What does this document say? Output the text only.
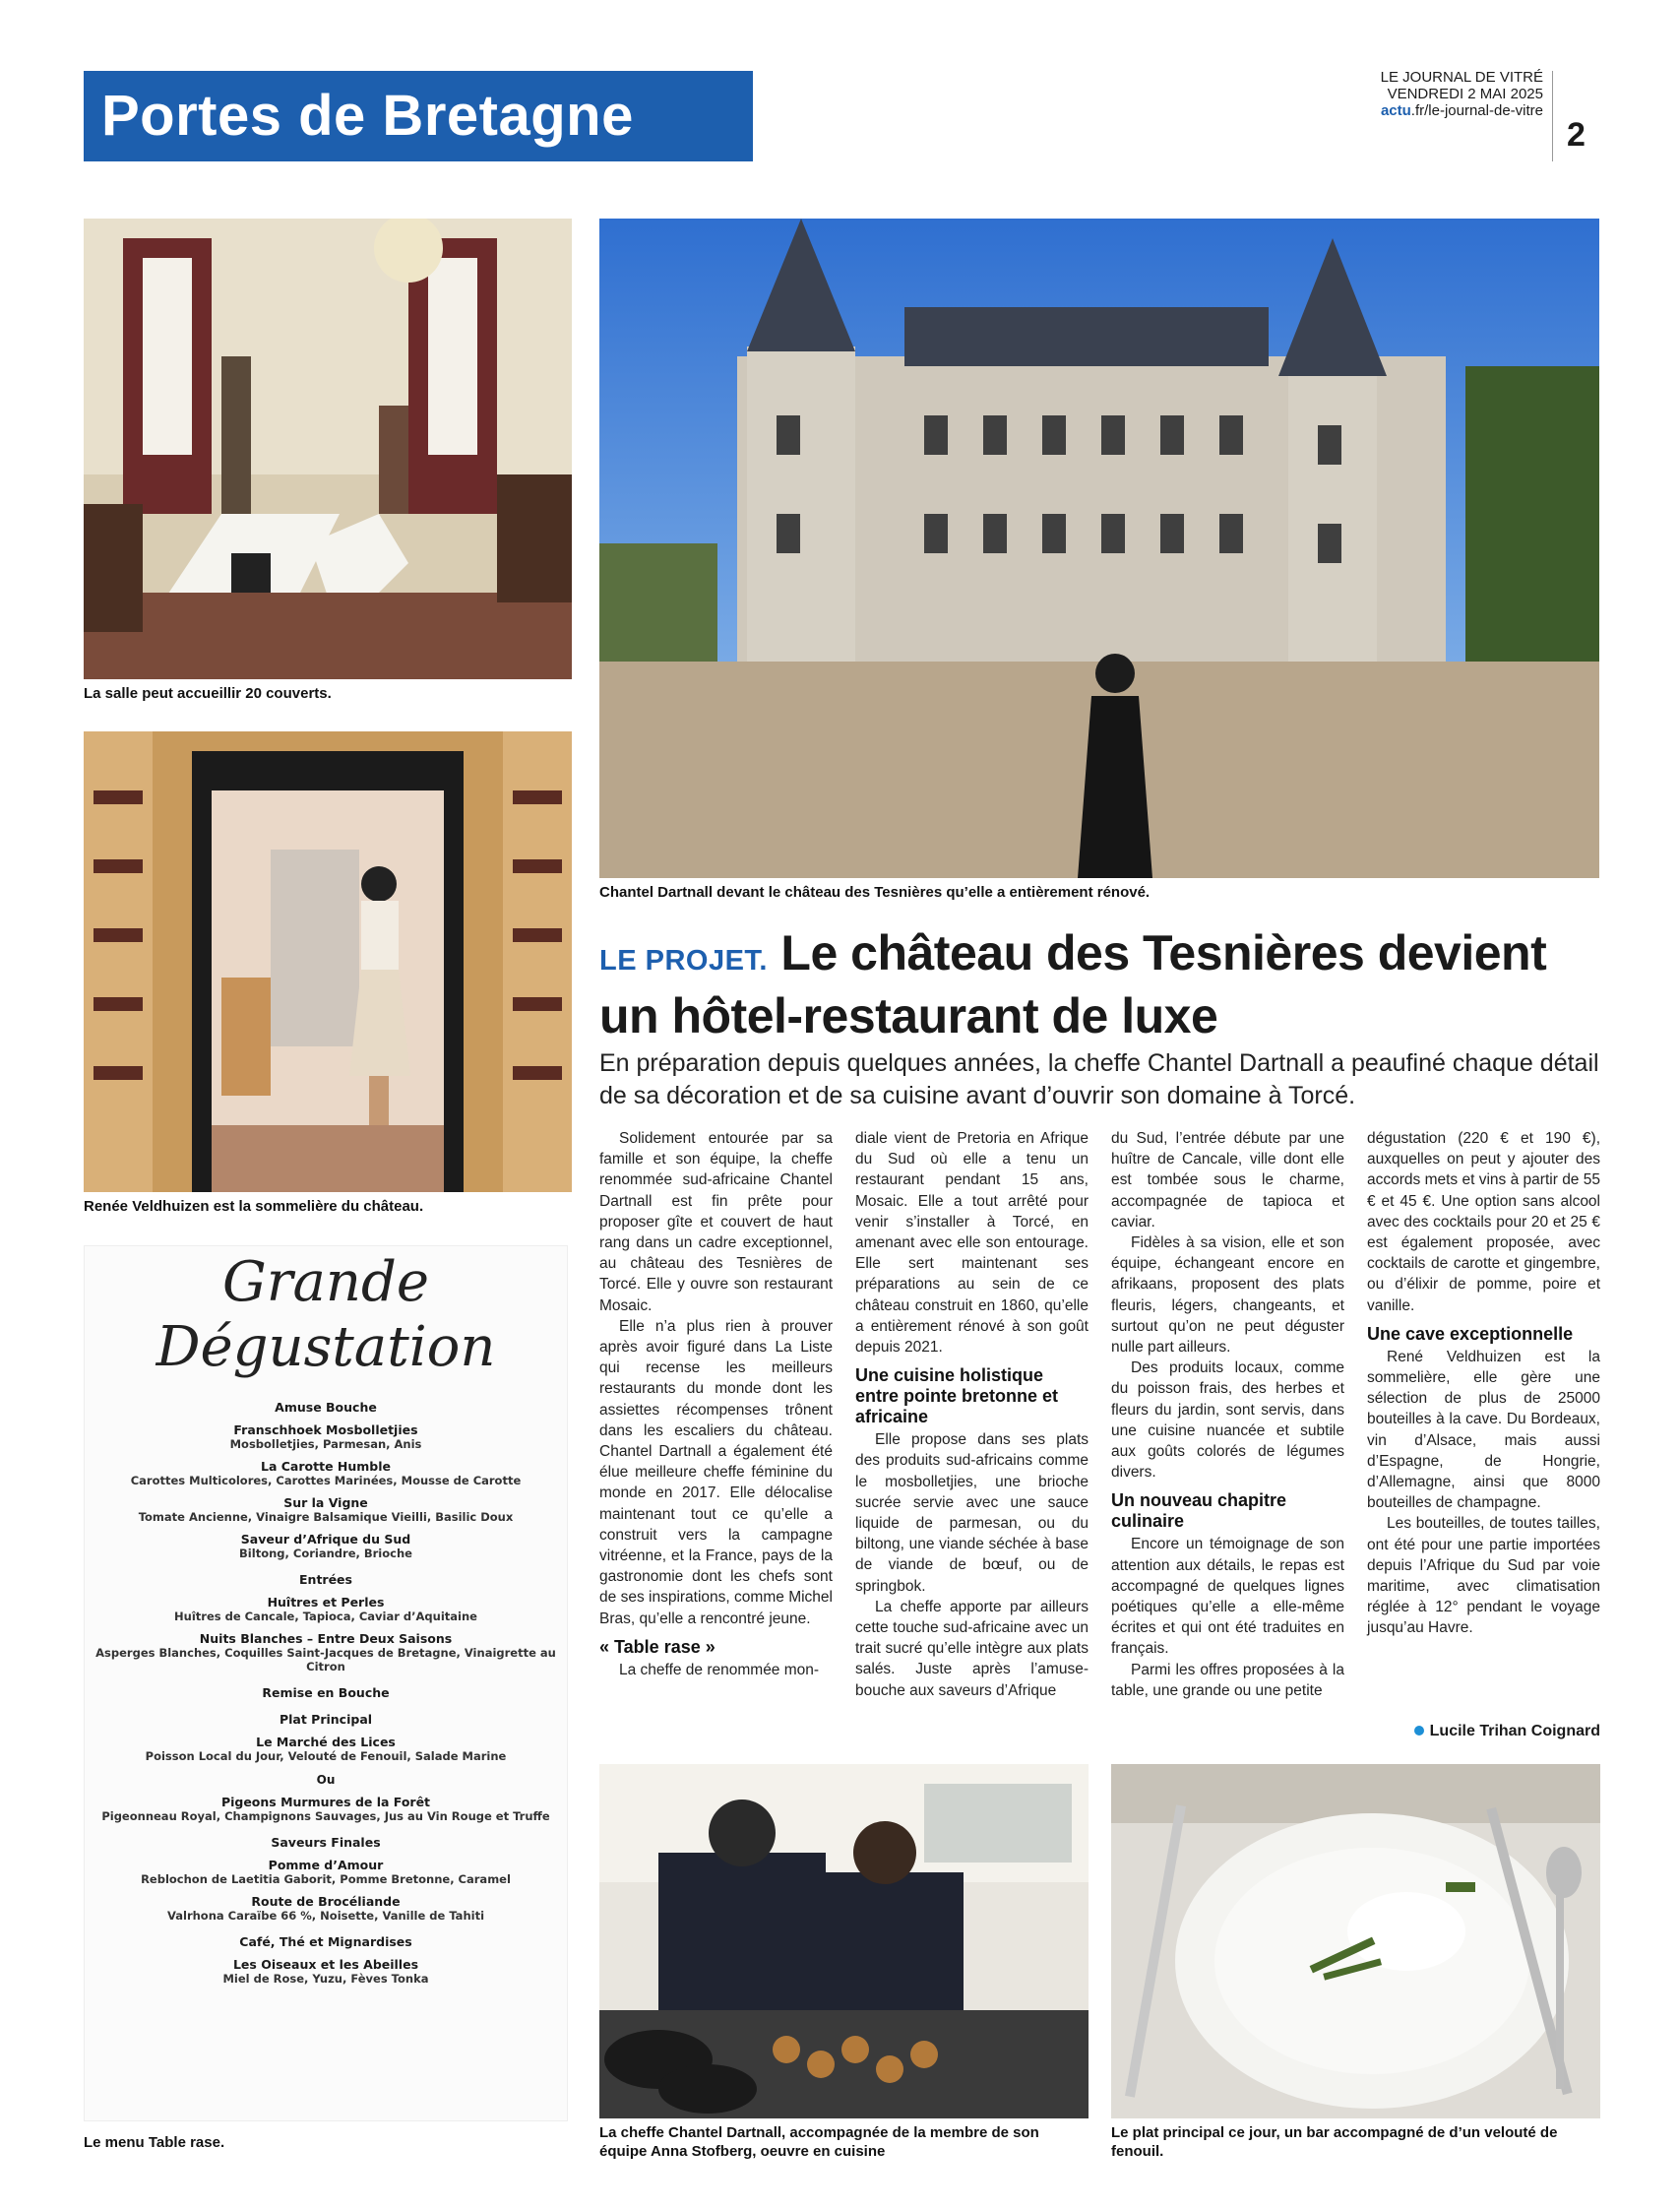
Portes de Bretagne
LE JOURNAL DE VITRÉ
VENDREDI 2 MAI 2025
actu.fr/le-journal-de-vitre
2
La salle peut accueillir 20 couverts.
Renée Veldhuizen est la sommelière du château.
Grande
Dégustation
Amuse Bouche
Franschhoek Mosbolletjies
Mosbolletjies, Parmesan, Anis
La Carotte Humble
Carottes Multicolores, Carottes Marinées, Mousse de Carotte
Sur la Vigne
Tomate Ancienne, Vinaigre Balsamique Vieilli, Basilic Doux
Saveur d’Afrique du Sud
Biltong, Coriandre, Brioche
Entrées
Huîtres et Perles
Huîtres de Cancale, Tapioca, Caviar d’Aquitaine
Nuits Blanches – Entre Deux Saisons
Asperges Blanches, Coquilles Saint-Jacques de Bretagne, Vinaigrette au Citron
Remise en Bouche
Plat Principal
Le Marché des Lices
Poisson Local du Jour, Velouté de Fenouil, Salade Marine
Ou
Pigeons Murmures de la Forêt
Pigeonneau Royal, Champignons Sauvages, Jus au Vin Rouge et Truffe
Saveurs Finales
Pomme d’Amour
Reblochon de Laetitia Gaborit, Pomme Bretonne, Caramel
Route de Brocéliande
Valrhona Caraïbe 66 %, Noisette, Vanille de Tahiti
Café, Thé et Mignardises
Les Oiseaux et les Abeilles
Miel de Rose, Yuzu, Fèves Tonka
Le menu Table rase.
Chantel Dartnall devant le château des Tesnières qu’elle a entièrement rénové.
LE PROJET. Le château des Tesnières devient un hôtel-restaurant de luxe
En préparation depuis quelques années, la cheffe Chantel Dartnall a peaufiné chaque détail de sa décoration et de sa cuisine avant d’ouvrir son domaine à Torcé.

Solidement entourée par sa famille et son équipe, la cheffe renommée sud-africaine Chantel Dartnall est fin prête pour proposer gîte et couvert de haut rang dans un cadre exceptionnel, au château des Tesnières de Torcé. Elle y ouvre son restaurant Mosaic.

Elle n’a plus rien à prouver après avoir figuré dans La Liste qui recense les meilleurs restaurants du monde dont les assiettes récompenses trônent dans les escaliers du château. Chantel Dartnall a également été élue meilleure cheffe féminine du monde en 2017. Elle délocalise maintenant tout ce qu’elle a construit vers la campagne vitréenne, et la France, pays de la gastronomie dont les chefs sont de ses inspirations, comme Michel Bras, qu’elle a rencontré jeune.

« Table rase »

La cheffe de renommée mon-

diale vient de Pretoria en Afrique du Sud où elle a tenu un restaurant pendant 15 ans, Mosaic. Elle a tout arrêté pour venir s’installer à Torcé, en amenant avec elle son entourage. Elle sert maintenant ses préparations au sein de ce château construit en 1860, qu’elle a entièrement rénové à son goût depuis 2021.

Une cuisine holistique entre pointe bretonne et africaine

Elle propose dans ses plats des produits sud-africains comme le mosbolletjies, une brioche sucrée servie avec une sauce liquide de parmesan, ou du biltong, une viande séchée à base de viande de bœuf, ou de springbok.

La cheffe apporte par ailleurs cette touche sud-africaine avec un trait sucré qu’elle intègre aux plats salés. Juste après l’amuse-bouche aux saveurs d’Afrique

du Sud, l’entrée débute par une huître de Cancale, ville dont elle est tombée sous le charme, accompagnée de tapioca et caviar.

Fidèles à sa vision, elle et son équipe, échangeant encore en afrikaans, proposent des plats fleuris, légers, changeants, et surtout qu’on ne peut déguster nulle part ailleurs.

Des produits locaux, comme du poisson frais, des herbes et fleurs du jardin, sont servis, dans une cuisine nuancée et subtile aux goûts colorés de légumes divers.

Un nouveau chapitre culinaire

Encore un témoignage de son attention aux détails, le repas est accompagné de quelques lignes poétiques qu’elle a elle-même écrites et qui ont été traduites en français.

Parmi les offres proposées à la table, une grande ou une petite

dégustation (220 € et 190 €), auxquelles on peut y ajouter des accords mets et vins à partir de 55 € et 45 €. Une option sans alcool avec des cocktails pour 20 et 25 € est également proposée, avec cocktails de carotte et gingembre, ou d’élixir de pomme, poire et vanille.

Une cave exceptionnelle

René Veldhuizen est la sommelière, elle gère une sélection de plus de 25000 bouteilles à la cave. Du Bordeaux, vin d’Alsace, mais aussi d’Espagne, de Hongrie, d’Allemagne, ainsi que 8000 bouteilles de champagne.

Les bouteilles, de toutes tailles, ont été pour une partie importées depuis l’Afrique du Sud par voie maritime, avec climatisation réglée à 12° pendant le voyage jusqu’au Havre.

Lucile Trihan Coignard
La cheffe Chantel Dartnall, accompagnée de la membre de son équipe Anna Stofberg, oeuvre en cuisine
Le plat principal ce jour, un bar accompagné de d’un velouté de fenouil.
